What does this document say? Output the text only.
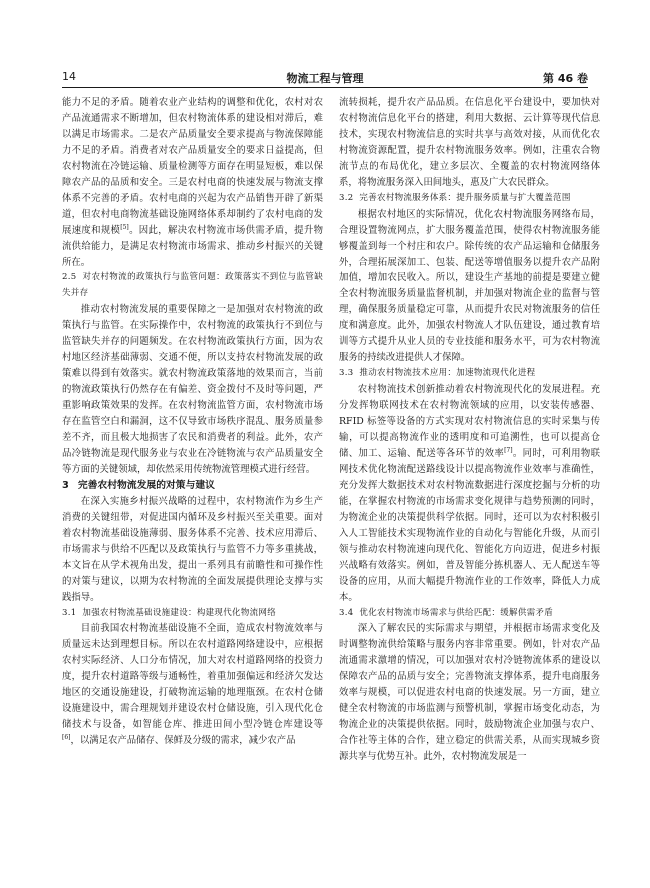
14	物流工程与管理	第 46 卷

能力不足的矛盾。随着农业产业结构的调整和优化，农村对农产品流通需求不断增加，但农村物流体系的建设相对滞后，难以满足市场需求。二是农产品质量安全要求提高与物流保障能力不足的矛盾。消费者对农产品质量安全的要求日益提高，但农村物流在冷链运输、质量检测等方面存在明显短板，难以保障农产品的品质和安全。三是农村电商的快速发展与物流支撑体系不完善的矛盾。农村电商的兴起为农产品销售开辟了新渠道，但农村电商物流基础设施网络体系却制约了农村电商的发展速度和规模[5]。因此，解决农村物流市场供需矛盾，提升物流供给能力，是满足农村物流市场需求、推动乡村振兴的关键所在。

2.5 对农村物流的政策执行与监管问题：政策落实不到位与监管缺失并存

推动农村物流发展的重要保障之一是加强对农村物流的政策执行与监管。在实际操作中，农村物流的政策执行不到位与监管缺失并存的问题频发。在农村物流政策执行方面，因为农村地区经济基础薄弱、交通不便，所以支持农村物流发展的政策难以得到有效落实。就农村物流政策落地的效果而言，当前的物流政策执行仍然存在有偏差、资金拨付不及时等问题，严重影响政策效果的发挥。在农村物流监管方面，农村物流市场存在监管空白和漏洞，这不仅导致市场秩序混乱、服务质量参差不齐，而且极大地损害了农民和消费者的利益。此外，农产品冷链物流是现代服务业与农业在冷链物流与农产品质量安全等方面的关键领域，却依然采用传统物流管理模式进行经营。

3 完善农村物流发展的对策与建议

在深入实施乡村振兴战略的过程中，农村物流作为乡生产消费的关键纽带，对促进国内循环及乡村振兴至关重要。面对着农村物流基础设施薄弱、服务体系不完善、技术应用滞后、市场需求与供给不匹配以及政策执行与监管不力等多重挑战，本文旨在从学术视角出发，提出一系列具有前瞻性和可操作性的对策与建议，以期为农村物流的全面发展提供理论支撑与实践指导。

3.1 加强农村物流基础设施建设：构建现代化物流网络

目前我国农村物流基础设施不全面，造成农村物流效率与质量远未达到理想目标。所以在农村道路网络建设中，应根据农村实际经济、人口分布情况，加大对农村道路网络的投资力度，提升农村道路等级与通畅性，着重加强偏远和经济欠发达地区的交通设施建设，打破物流运输的地理瓶颈。在农村仓储设施建设中，需合理规划并建设农村仓储设施，引入现代化仓储技术与设备，如智能仓库、推进田间小型冷链仓库建设等[6]，以满足农产品储存、保鲜及分级的需求，减少农产品

流转损耗，提升农产品品质。在信息化平台建设中，要加快对农村物流信息化平台的搭建，利用大数据、云计算等现代信息技术，实现农村物流信息的实时共享与高效对接，从而优化农村物流资源配置，提升农村物流服务效率。例如，注重农合物流节点的布局优化，建立多层次、全覆盖的农村物流网络体系，将物流服务深入田间地头，惠及广大农民群众。

3.2 完善农村物流服务体系：提升服务质量与扩大覆盖范围

根据农村地区的实际情况，优化农村物流服务网络布局，合理设置物流网点，扩大服务覆盖范围，使得农村物流服务能够覆盖到每一个村庄和农户。除传统的农产品运输和仓储服务外，合理拓展深加工、包装、配送等增值服务以提升农产品附加值，增加农民收入。所以，建设生产基地的前提是要建立健全农村物流服务质量监督机制，并加强对物流企业的监督与管理，确保服务质量稳定可靠，从而提升农民对物流服务的信任度和满意度。此外，加强农村物流人才队伍建设，通过教育培训等方式提升从业人员的专业技能和服务水平，可为农村物流服务的持续改进提供人才保障。

3.3 推动农村物流技术应用：加速物流现代化进程

农村物流技术创新推动着农村物流现代化的发展进程。充分发挥物联网技术在农村物流领域的应用，以安装传感器、RFID 标签等设备的方式实现对农村物流信息的实时采集与传输，可以提高物流作业的透明度和可追溯性，也可以提高仓储、加工、运输、配送等各环节的效率[7]。同时，可利用物联网技术优化物流配送路线设计以提高物流作业效率与准确性，充分发挥大数据技术对农村物流数据进行深度挖掘与分析的功能，在掌握农村物流的市场需求变化规律与趋势预测的同时，为物流企业的决策提供科学依据。同时，还可以为农村积极引入人工智能技术实现物流作业的自动化与智能化升级，从而引领与推动农村物流速向现代化、智能化方向迈进，促进乡村振兴战略有效落实。例如，普及智能分拣机器人、无人配送车等设备的应用，从而大幅提升物流作业的工作效率，降低人力成本。

3.4 优化农村物流市场需求与供给匹配：缓解供需矛盾

深入了解农民的实际需求与期望，并根据市场需求变化及时调整物流供给策略与服务内容非常重要。例如，针对农产品流通需求激增的情况，可以加强对农村冷链物流体系的建设以保障农产品的品质与安全；完善物流支撑体系，提升电商服务效率与规模，可以促进农村电商的快速发展。另一方面，建立健全农村物流的市场监测与预警机制，掌握市场变化动态，为物流企业的决策提供依据。同时，鼓励物流企业加强与农户、合作社等主体的合作，建立稳定的供需关系，从而实现城乡资源共享与优势互补。此外，农村物流发展是一
